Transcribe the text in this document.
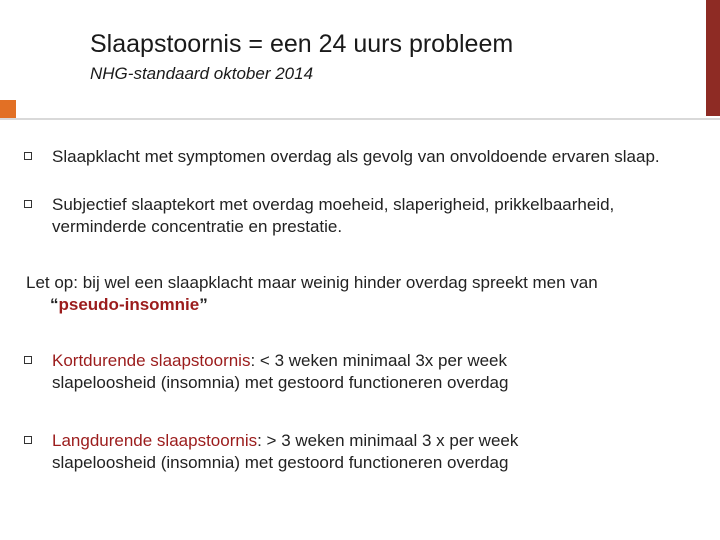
Slaapstoornis = een 24 uurs probleem
NHG-standaard oktober 2014
Slaapklacht met symptomen overdag als gevolg van onvoldoende ervaren slaap.
Subjectief slaaptekort met overdag moeheid, slaperigheid, prikkelbaarheid, verminderde concentratie en prestatie.
Let op: bij wel een slaapklacht maar weinig hinder overdag spreekt men van
“pseudo-insomnie”
Kortdurende slaapstoornis: < 3 weken minimaal 3x per week
slapeloosheid (insomnia) met gestoord functioneren overdag
Langdurende slaapstoornis: > 3 weken minimaal 3 x per week
slapeloosheid (insomnia) met gestoord functioneren overdag
